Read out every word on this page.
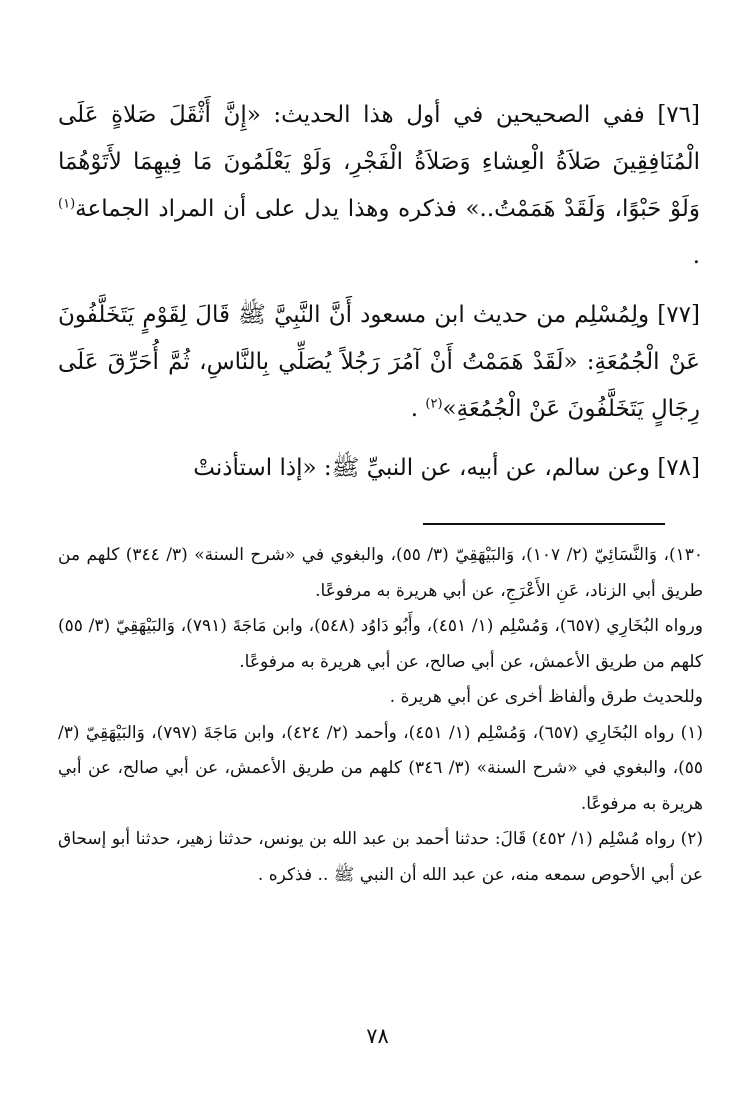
[٧٦] ففي الصحيحين في أول هذا الحديث: «إِنَّ أَثْقَلَ صَلاةٍ عَلَى الْمُنَافِقِينَ صَلاَةُ الْعِشاءِ وَصَلاَةُ الْفَجْرِ، وَلَوْ يَعْلَمُونَ مَا فِيهِمَا لأَتَوْهُمَا وَلَوْ حَبْوًا، وَلَقَدْ هَمَمْتُ..» فذكره وهذا يدل على أن المراد الجماعة$^{(١)}$ .

[٧٧] ولِمُسْلِم من حديث ابن مسعود أَنَّ النَّبِيَّ ﷺ قَالَ لِقَوْمٍ يَتَخَلَّفُونَ عَنْ الْجُمُعَةِ: «لَقَدْ هَمَمْتُ أَنْ آمُرَ رَجُلاً يُصَلِّي بِالنَّاسِ، ثُمَّ أُحَرِّقَ عَلَى رِجَالٍ يَتَخَلَّفُونَ عَنْ الْجُمُعَةِ»$^{(٢)}$ .

[٧٨] وعن سالم، عن أبيه، عن النبيِّ ﷺ: «إذا استأذنتْ

١٣٠)، وَالنَّسَائِيّ (٢/ ١٠٧)، وَالبَيْهَقِيّ (٣/ ٥٥)، والبغوي في «شرح السنة» (٣/ ٣٤٤) كلهم من طريق أبي الزناد، عَنِ الأَعْرَجِ، عن أبي هريرة به مرفوعًا.

ورواه البُخَارِي (٦٥٧)، وَمُسْلِم (١/ ٤٥١)، وأَبُو دَاوُد (٥٤٨)، وابن مَاجَةَ (٧٩١)، وَالبَيْهَقِيّ (٣/ ٥٥) كلهم من طريق الأعمش، عن أبي صالح، عن أبي هريرة به مرفوعًا.

وللحديث طرق وألفاظ أخرى عن أبي هريرة .

(١) رواه البُخَارِي (٦٥٧)، وَمُسْلِم (١/ ٤٥١)، وأحمد (٢/ ٤٢٤)، وابن مَاجَةَ (٧٩٧)، وَالبَيْهَقِيّ (٣/ ٥٥)، والبغوي في «شرح السنة» (٣/ ٣٤٦) كلهم من طريق الأعمش، عن أبي صالح، عن أبي هريرة به مرفوعًا.

(٢) رواه مُسْلِم (١/ ٤٥٢) قَالَ: حدثنا أحمد بن عبد الله بن يونس، حدثنا زهير، حدثنا أبو إسحاق عن أبي الأحوص سمعه منه، عن عبد الله أن النبي ﷺ .. فذكره .

٧٨
